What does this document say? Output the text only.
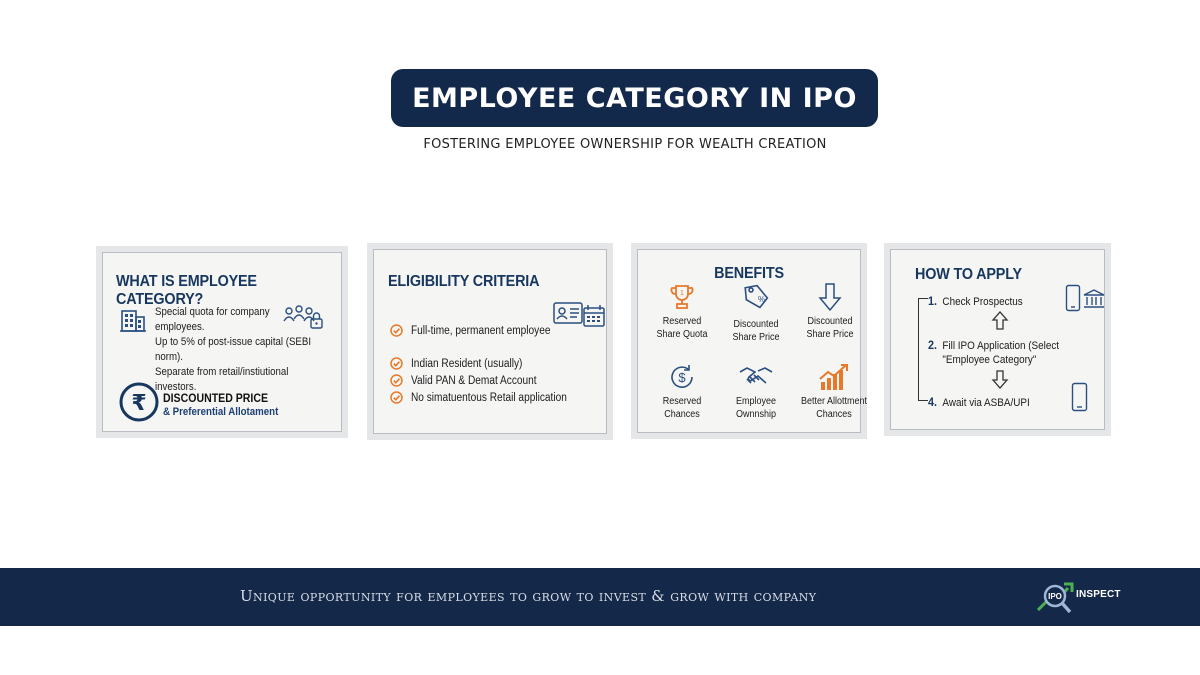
EMPLOYEE CATEGORY IN IPO
FOSTERING EMPLOYEE OWNERSHIP FOR WEALTH CREATION
WHAT IS EMPLOYEE CATEGORY?
Special quota for company
employees.
Up to 5% of post-issue capital (SEBI norm).
Separate from retail/instiutional investors.
₹ DISCOUNTED PRICE
& Preferential Allotament
ELIGIBILITY CRITERIA
Full-time, permanent employee
Indian Resident (usually)
Valid PAN & Demat Account
No simatuentous Retail application
BENEFITS
1
Reserved
Share Quota
%
Discounted
Share Price
Discounted
Share Price
$
Reserved
Chances
Employee
Ownnship
Better Allottment
Chances
HOW TO APPLY
1. Check Prospectus
2. Fill IPO Application (Select
"Employee Category"
4. Await via ASBA/UPI
Unique opportunity for employees to grow to invest & grow with company	IPO INSPECT
